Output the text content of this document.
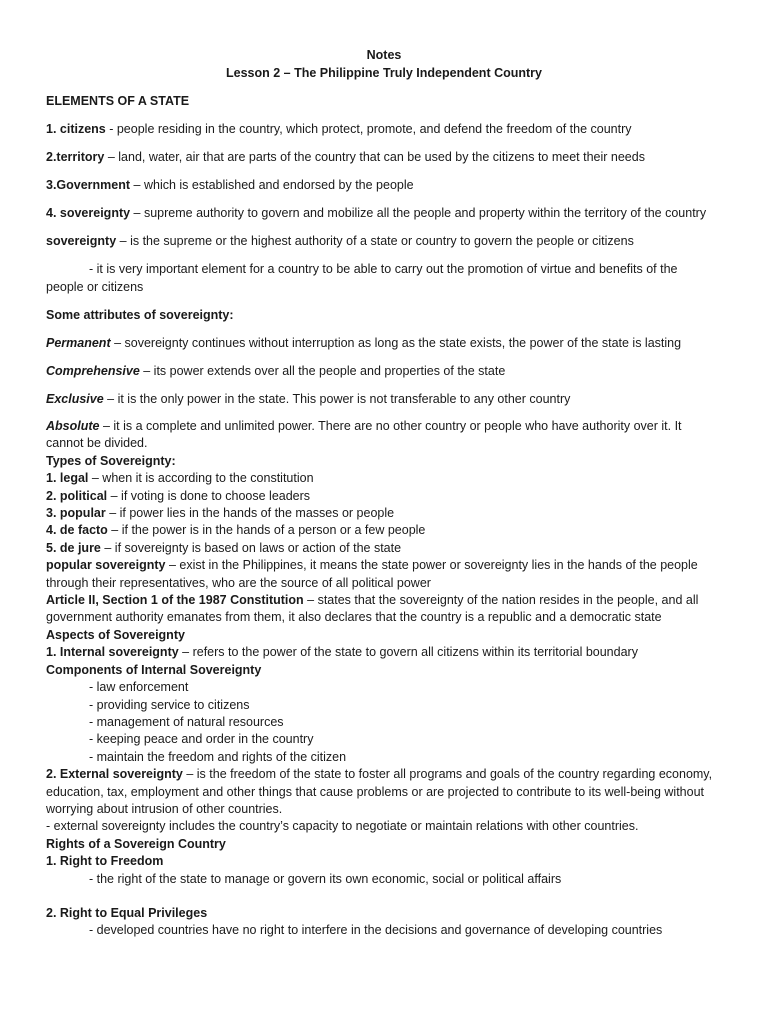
Notes
Lesson 2 – The Philippine Truly Independent Country
ELEMENTS OF A STATE
1. citizens - people residing in the country, which protect, promote, and defend the freedom of the country
2.territory – land, water, air that are parts of the country that can be used by the citizens to meet their needs
3.Government – which is established and endorsed by the people
4. sovereignty – supreme authority to govern and mobilize all the people and property within the territory of the country
sovereignty – is the supreme or the highest authority of a state or country to govern the people or citizens
- it is very important element for a country to be able to carry out the promotion of virtue and benefits of the
people or citizens
Some attributes of sovereignty:
Permanent – sovereignty continues without interruption as long as the state exists, the power of the state is lasting
Comprehensive – its power extends over all the people and properties of the state
Exclusive – it is the only power in the state. This power is not transferable to any other country
Absolute – it is a complete and unlimited power. There are no other country or people who have authority over it. It cannot be divided.
Types of Sovereignty:
1. legal – when it is according to the constitution
2. political – if voting is done to choose leaders
3. popular – if power lies in the hands of the masses or people
4. de facto – if the power is in the hands of a person or a few people
5. de jure – if sovereignty is based on laws or action of the state
popular sovereignty – exist in the Philippines, it means the state power or sovereignty lies in the hands of the people through their representatives, who are the source of all political power
Article II, Section 1 of the 1987 Constitution – states that the sovereignty of the nation resides in the people, and all government authority emanates from them, it also declares that the country is a republic and a democratic state
Aspects of Sovereignty
1. Internal sovereignty – refers to the power of the state to govern all citizens within its territorial boundary
Components of Internal Sovereignty
- law enforcement
- providing service to citizens
- management of natural resources
- keeping peace and order in the country
- maintain the freedom and rights of the citizen
2. External sovereignty – is the freedom of the state to foster all programs and goals of the country regarding economy, education, tax, employment and other things that cause problems or are projected to contribute to its well-being without worrying about intrusion of other countries.
- external sovereignty includes the country’s capacity to negotiate or maintain relations with other countries.
Rights of a Sovereign Country
1. Right to Freedom
- the right of the state to manage or govern its own economic, social or political affairs
2. Right to Equal Privileges
- developed countries have no right to interfere in the decisions and governance of developing countries
